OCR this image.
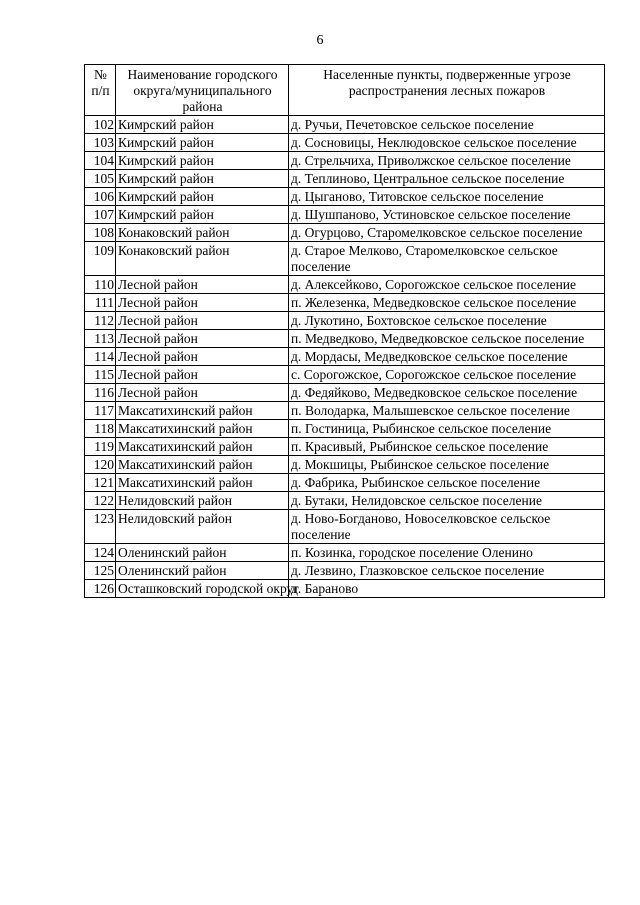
6
№ п/п	Наименование городского округа/муниципального района	Населенные пункты, подверженные угрозе распространения лесных пожаров
102	Кимрский район	д. Ручьи, Печетовское сельское поселение
103	Кимрский район	д. Сосновицы, Неклюдовское сельское поселение
104	Кимрский район	д. Стрельчиха, Приволжское сельское поселение
105	Кимрский район	д. Теплиново, Центральное сельское поселение
106	Кимрский район	д. Цыганово, Титовское сельское поселение
107	Кимрский район	д. Шушпаново, Устиновское сельское поселение
108	Конаковский район	д. Огурцово, Старомелковское сельское поселение
109	Конаковский район	д. Старое Мелково, Старомелковское сельское поселение
110	Лесной район	д. Алексейково, Сорогожское сельское поселение
111	Лесной район	п. Железенка, Медведковское сельское поселение
112	Лесной район	д. Лукотино, Бохтовское сельское поселение
113	Лесной район	п. Медведково, Медведковское сельское поселение
114	Лесной район	д. Мордасы, Медведковское сельское поселение
115	Лесной район	с. Сорогожское, Сорогожское сельское поселение
116	Лесной район	д. Федяйково, Медведковское сельское поселение
117	Максатихинский район	п. Володарка, Малышевское сельское поселение
118	Максатихинский район	п. Гостиница, Рыбинское сельское поселение
119	Максатихинский район	п. Красивый, Рыбинское сельское поселение
120	Максатихинский район	д. Мокшицы, Рыбинское сельское поселение
121	Максатихинский район	д. Фабрика, Рыбинское сельское поселение
122	Нелидовский район	д. Бутаки, Нелидовское сельское поселение
123	Нелидовский район	д. Ново-Богданово, Новоселковское сельское поселение
124	Оленинский район	п. Козинка, городское поселение Оленино
125	Оленинский район	д. Лезвино, Глазковское сельское поселение
126	Осташковский городской округ	д. Бараново
